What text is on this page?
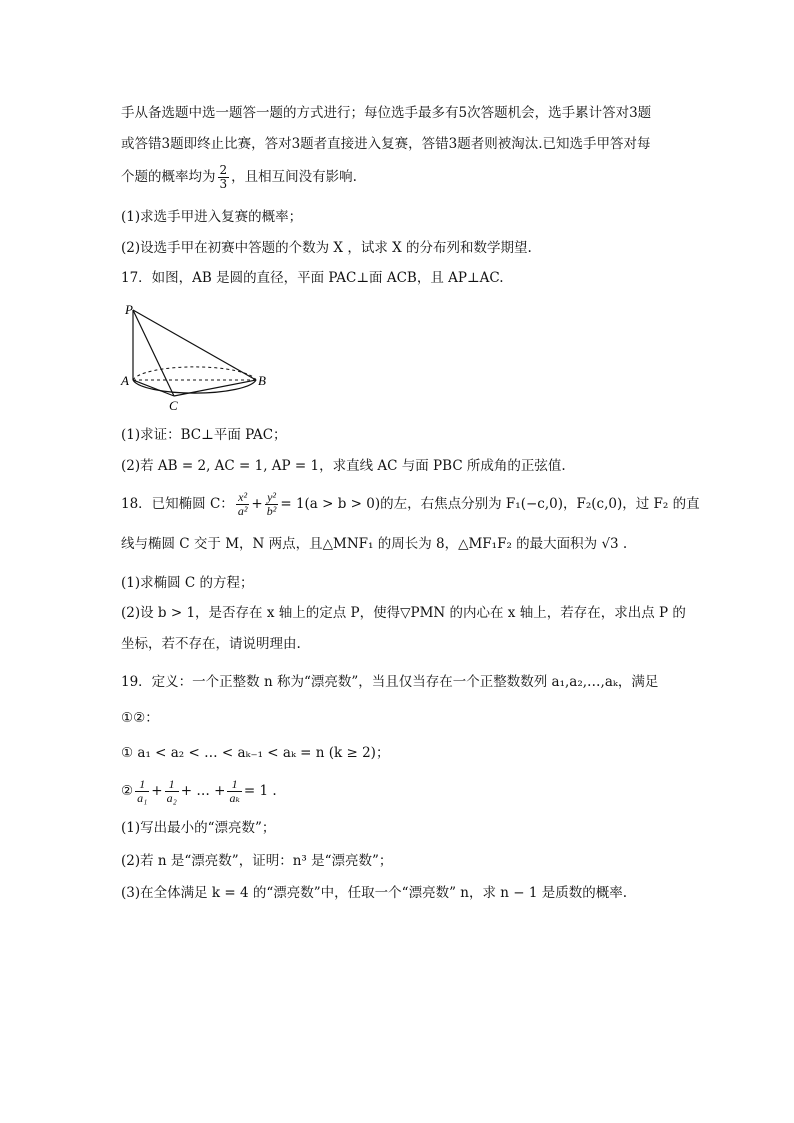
手从备选题中选一题答一题的方式进行；每位选手最多有5次答题机会，选手累计答对3题
或答错3题即终止比赛，答对3题者直接进入复赛，答错3题者则被淘汰.已知选手甲答对每
个题的概率均为 $\frac{2}{3}$ ，且相互间没有影响.
(1)求选手甲进入复赛的概率；
(2)设选手甲在初赛中答题的个数为 X ，试求 X 的分布列和数学期望.
17．如图，AB 是圆的直径，平面 PAC⊥面 ACB，且 AP⊥AC.
P
A	B
C
(1)求证：BC⊥平面 PAC；
(2)若 AB = 2, AC = 1, AP = 1，求直线 AC 与面 PBC 所成角的正弦值.
18．已知椭圆 C： $\frac{\text{x²}}{\text{a²}} + \frac{\text{y²}}{\text{b²}} = 1(a > b > 0)$的左，右焦点分别为 F₁(−c,0)，F₂(c,0)，过 F₂ 的直
线与椭圆 C 交于 M，N 两点，且△MNF₁ 的周长为 8，△MF₁F₂ 的最大面积为 √3 .
(1)求椭圆 C 的方程；
(2)设 b > 1，是否存在 x 轴上的定点 P，使得▽PMN 的内心在 x 轴上，若存在，求出点 P 的
坐标，若不存在，请说明理由.
19．定义：一个正整数 n 称为“漂亮数”，当且仅当存在一个正整数数列 a₁,a₂,…,aₖ，满足
①②：
① a₁ < a₂ < … < aₖ₋₁ < aₖ = n (k ≥ 2)；
② $\frac{1}{\text{a₁}} + \frac{1}{\text{a₂}}$ + … + $\frac{1}{\text{aₖ}} = 1$ .
(1)写出最小的“漂亮数”；
(2)若 n 是“漂亮数”，证明：n³ 是“漂亮数”；
(3)在全体满足 k = 4 的“漂亮数”中，任取一个“漂亮数” n，求 n − 1 是质数的概率.
